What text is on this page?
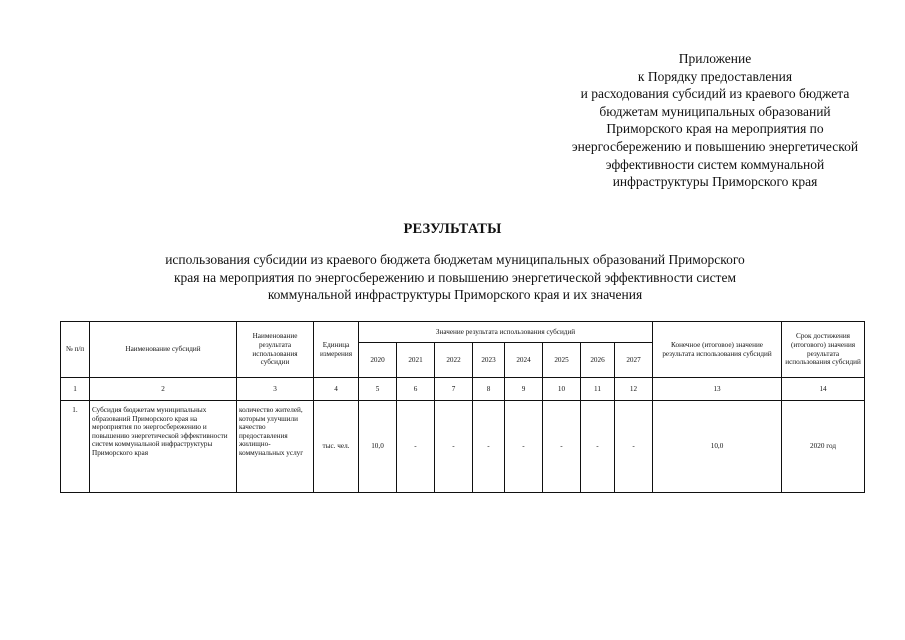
Приложение
к Порядку предоставления
и расходования субсидий из краевого бюджета
бюджетам муниципальных образований
Приморского края на мероприятия по
энергосбережению и повышению энергетической
эффективности систем коммунальной
инфраструктуры Приморского края
РЕЗУЛЬТАТЫ
использования субсидии из краевого бюджета бюджетам муниципальных образований Приморского
края на мероприятия по энергосбережению и повышению энергетической эффективности систем
коммунальной инфраструктуры Приморского края и их значения
№ п/п	Наименование субсидий	Наименование результата использования субсидии	Единица измерения	Значение результата использования субсидий								Конечное (итоговое) значение результата использования субсидий	Срок достижения (итогового) значения результата использования субсидий
				2020	2021	2022	2023	2024	2025	2026	2027		
1	2	3	4	5	6	7	8	9	10	11	12	13	14
1.	Субсидия бюджетам муниципальных образований Приморского края на мероприятия по энергосбережению и повышению энергетической эффективности систем коммунальной инфраструктуры Приморского края	количество жителей, которым улучшили качество предоставления жилищно-коммунальных услуг	тыс. чел.	10,0	-	-	-	-	-	-	-	10,0	2020 год
